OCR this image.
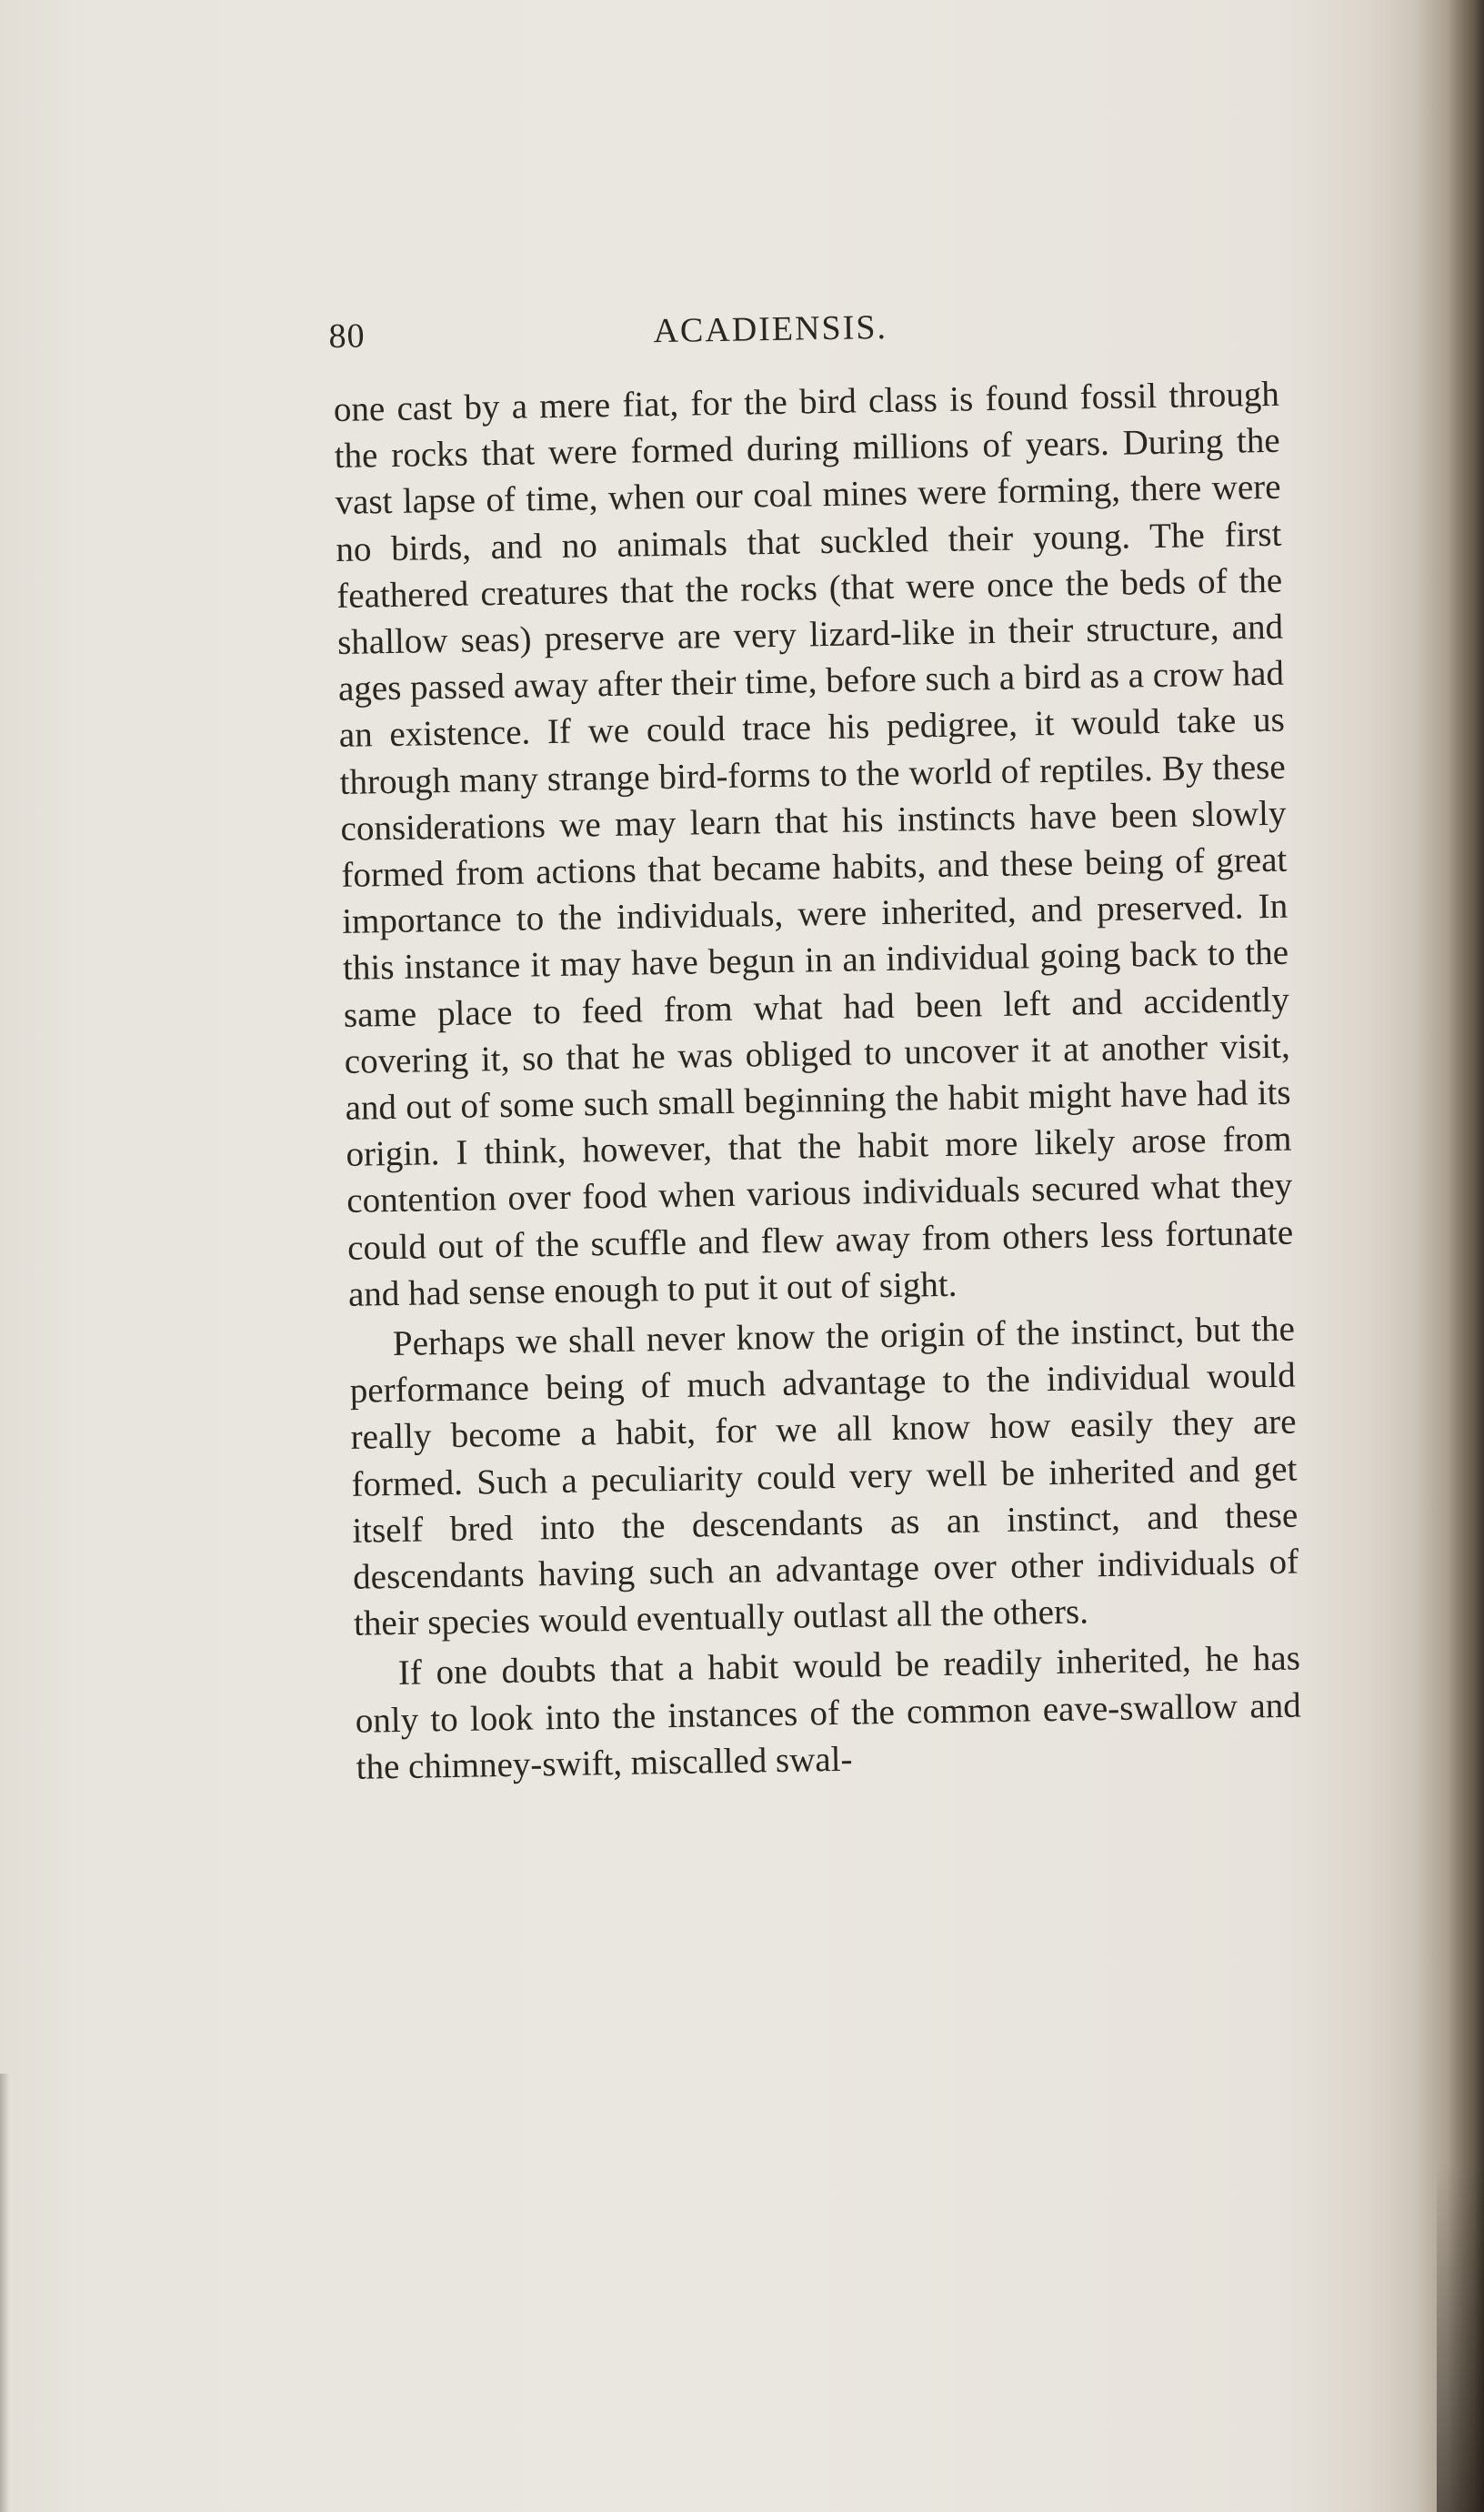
80	ACADIENSIS.

one cast by a mere fiat, for the bird class is found fossil through the rocks that were formed during millions of years. During the vast lapse of time, when our coal mines were forming, there were no birds, and no animals that suckled their young. The first feathered creatures that the rocks (that were once the beds of the shallow seas) preserve are very lizard-like in their structure, and ages passed away after their time, before such a bird as a crow had an existence. If we could trace his pedigree, it would take us through many strange bird-forms to the world of reptiles. By these considerations we may learn that his instincts have been slowly formed from actions that became habits, and these being of great importance to the individuals, were inherited, and preserved. In this instance it may have begun in an individual going back to the same place to feed from what had been left and accidently covering it, so that he was obliged to uncover it at another visit, and out of some such small beginning the habit might have had its origin. I think, however, that the habit more likely arose from contention over food when various individuals secured what they could out of the scuffle and flew away from others less fortunate and had sense enough to put it out of sight.

Perhaps we shall never know the origin of the instinct, but the performance being of much advantage to the individual would really become a habit, for we all know how easily they are formed. Such a peculiarity could very well be inherited and get itself bred into the descendants as an instinct, and these descendants having such an advantage over other individuals of their species would eventually outlast all the others.

If one doubts that a habit would be readily inherited, he has only to look into the instances of the common eave-swallow and the chimney-swift, miscalled swal-
